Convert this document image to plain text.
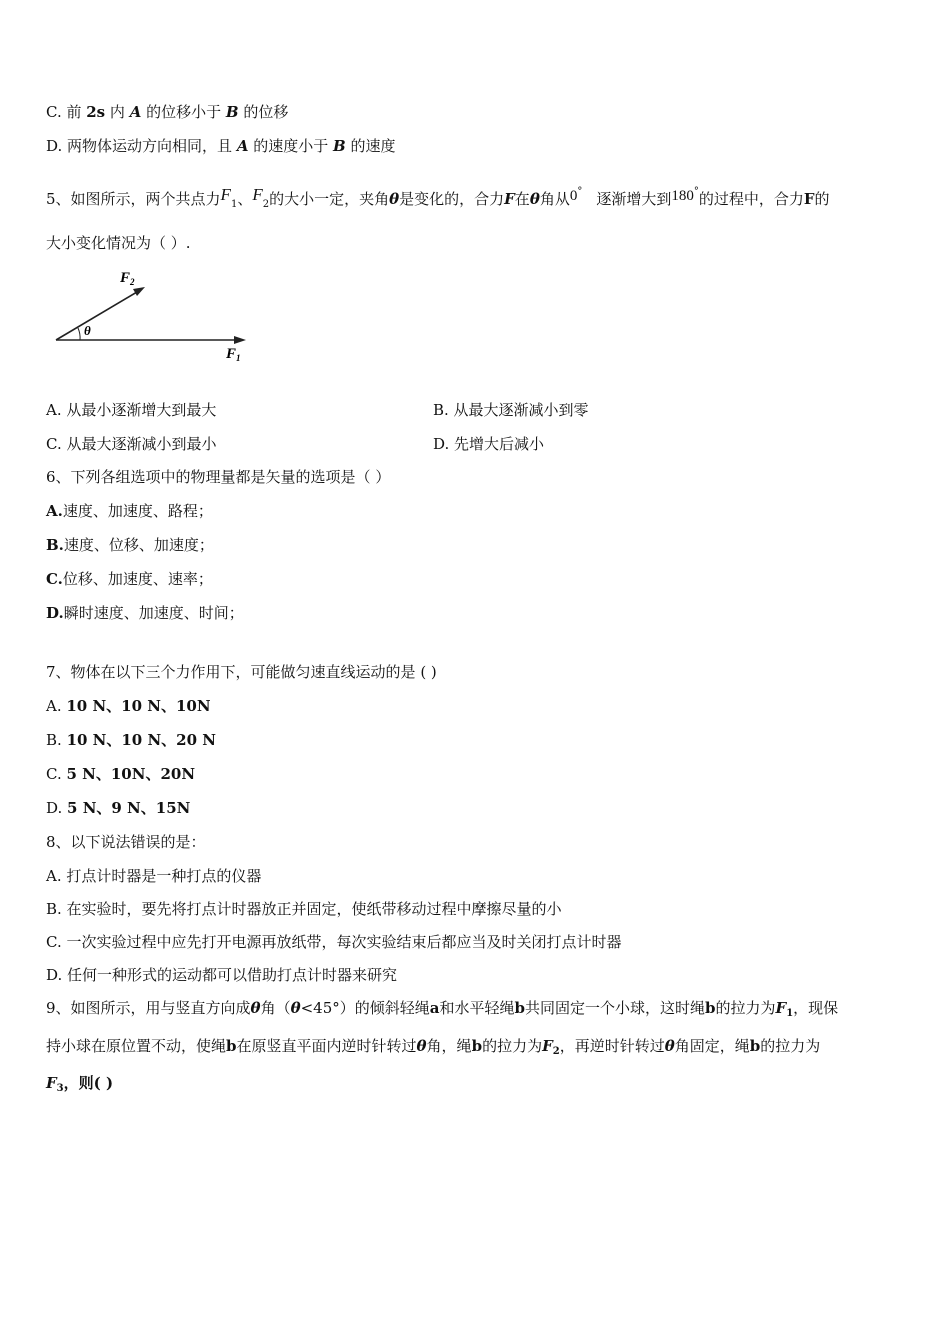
C. 前 2s 内 A 的位移小于 B 的位移
D. 两物体运动方向相同，且 A 的速度小于 B 的速度
5、如图所示，两个共点力$F_1$、$F_2$的大小一定，夹角θ是变化的，合力F在θ角从0° 逐渐增大到180°的过程中，合力F的
大小变化情况为（ ）.
$F_2$
θ
$F_1$
A. 从最小逐渐增大到最大	B. 从最大逐渐减小到零
C. 从最大逐渐减小到最小	D. 先增大后减小
6、下列各组选项中的物理量都是矢量的选项是（ ）
A.速度、加速度、路程；
B.速度、位移、加速度；
C.位移、加速度、速率；
D.瞬时速度、加速度、时间；
7、物体在以下三个力作用下，可能做匀速直线运动的是 ( )
A. 10 N、10 N、10N
B. 10 N、10 N、20 N
C. 5 N、10N、20N
D. 5 N、9 N、15N
8、以下说法错误的是：
A. 打点计时器是一种打点的仪器
B. 在实验时，要先将打点计时器放正并固定，使纸带移动过程中摩擦尽量的小
C. 一次实验过程中应先打开电源再放纸带，每次实验结束后都应当及时关闭打点计时器
D. 任何一种形式的运动都可以借助打点计时器来研究
9、如图所示，用与竖直方向成θ角（θ<45°）的倾斜轻绳a和水平轻绳b共同固定一个小球，这时绳b的拉力为$F_1$，现保
持小球在原位置不动，使绳b在原竖直平面内逆时针转过θ角，绳b的拉力为$F_2$，再逆时针转过θ角固定，绳b的拉力为
$F_3$，则( )
